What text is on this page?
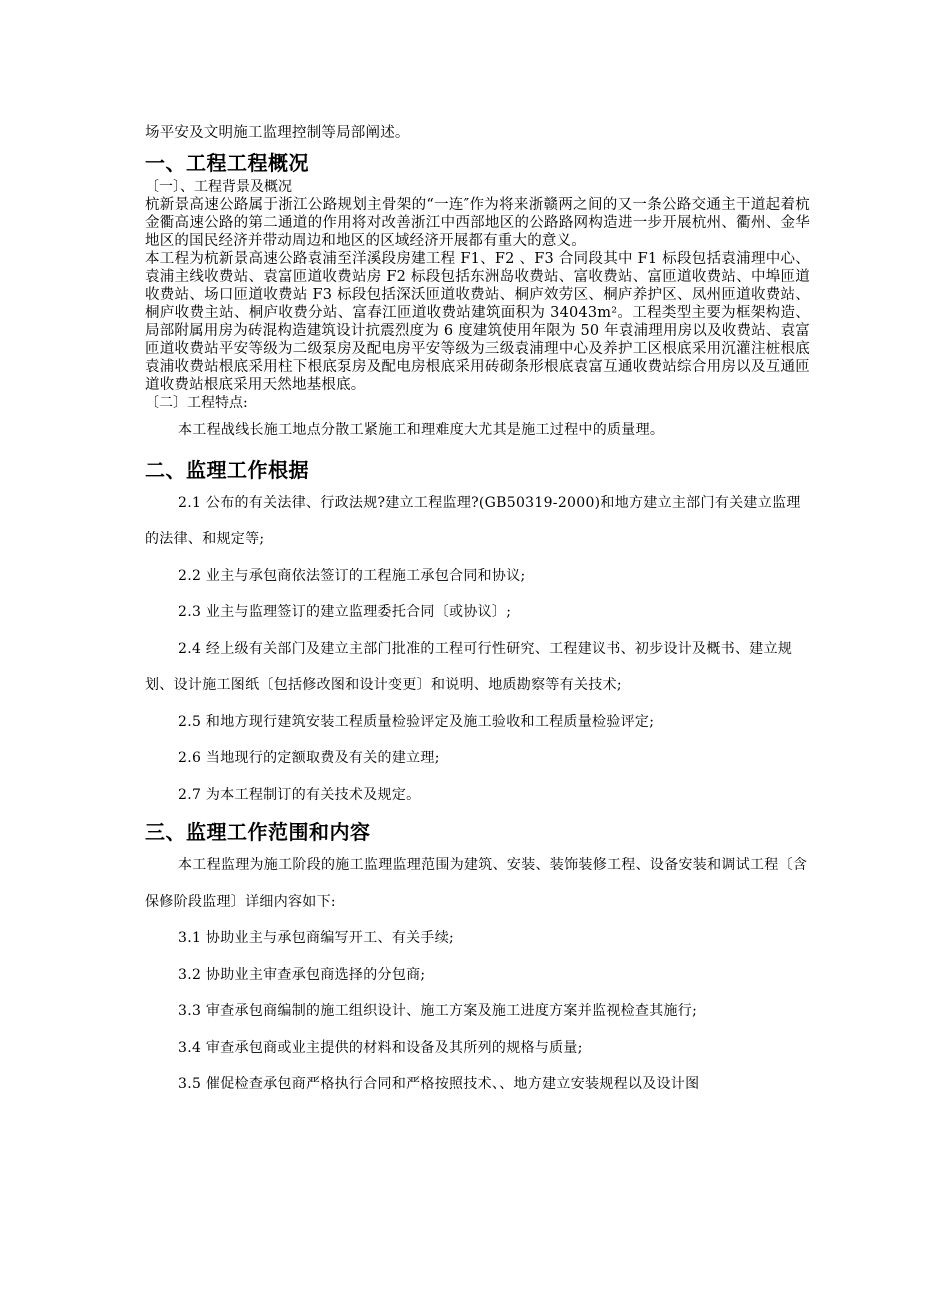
场平安及文明施工监理控制等局部阐述。

一、工程工程概况

〔一〕、工程背景及概况

杭新景高速公路属于浙江公路规划主骨架的“一连″作为将来浙赣两之间的又一条公路交通主干道起着杭金衢高速公路的第二通道的作用将对改善浙江中西部地区的公路路网构造进一步开展杭州、衢州、金华地区的国民经济并带动周边和地区的区域经济开展都有重大的意义。

本工程为杭新景高速公路袁浦至洋溪段房建工程 F1、F2 、F3 合同段其中 F1 标段包括袁浦理中心、袁浦主线收费站、袁富匝道收费站房 F2 标段包括东洲岛收费站、富收费站、富匝道收费站、中埠匝道收费站、场口匝道收费站 F3 标段包括深沃匝道收费站、桐庐效劳区、桐庐养护区、凤州匝道收费站、桐庐收费主站、桐庐收费分站、富春江匝道收费站建筑面积为 34043m²。工程类型主要为框架构造、局部附属用房为砖混构造建筑设计抗震烈度为 6 度建筑使用年限为 50 年袁浦理用房以及收费站、袁富匝道收费站平安等级为二级泵房及配电房平安等级为三级袁浦理中心及养护工区根底采用沉灌注桩根底袁浦收费站根底采用柱下根底泵房及配电房根底采用砖砌条形根底袁富互通收费站综合用房以及互通匝道收费站根底采用天然地基根底。

〔二〕工程特点:

本工程战线长施工地点分散工紧施工和理难度大尤其是施工过程中的质量理。

二、监理工作根据

2.1 公布的有关法律、行政法规?建立工程监理?(GB50319-2000)和地方建立主部门有关建立监理的法律、和规定等;

2.2 业主与承包商依法签订的工程施工承包合同和协议;

2.3 业主与监理签订的建立监理委托合同〔或协议〕;

2.4 经上级有关部门及建立主部门批准的工程可行性研究、工程建议书、初步设计及概书、建立规划、设计施工图纸〔包括修改图和设计变更〕和说明、地质勘察等有关技术;

2.5 和地方现行建筑安装工程质量检验评定及施工验收和工程质量检验评定;

2.6 当地现行的定额取费及有关的建立理;

2.7 为本工程制订的有关技术及规定。

三、监理工作范围和内容

本工程监理为施工阶段的施工监理监理范围为建筑、安装、装饰装修工程、设备安装和调试工程〔含保修阶段监理〕详细内容如下:

3.1 协助业主与承包商编写开工、有关手续;

3.2 协助业主审查承包商选择的分包商;

3.3 审查承包商编制的施工组织设计、施工方案及施工进度方案并监视检查其施行;

3.4 审查承包商或业主提供的材料和设备及其所列的规格与质量;

3.5 催促检查承包商严格执行合同和严格按照技术、、地方建立安装规程以及设计图
